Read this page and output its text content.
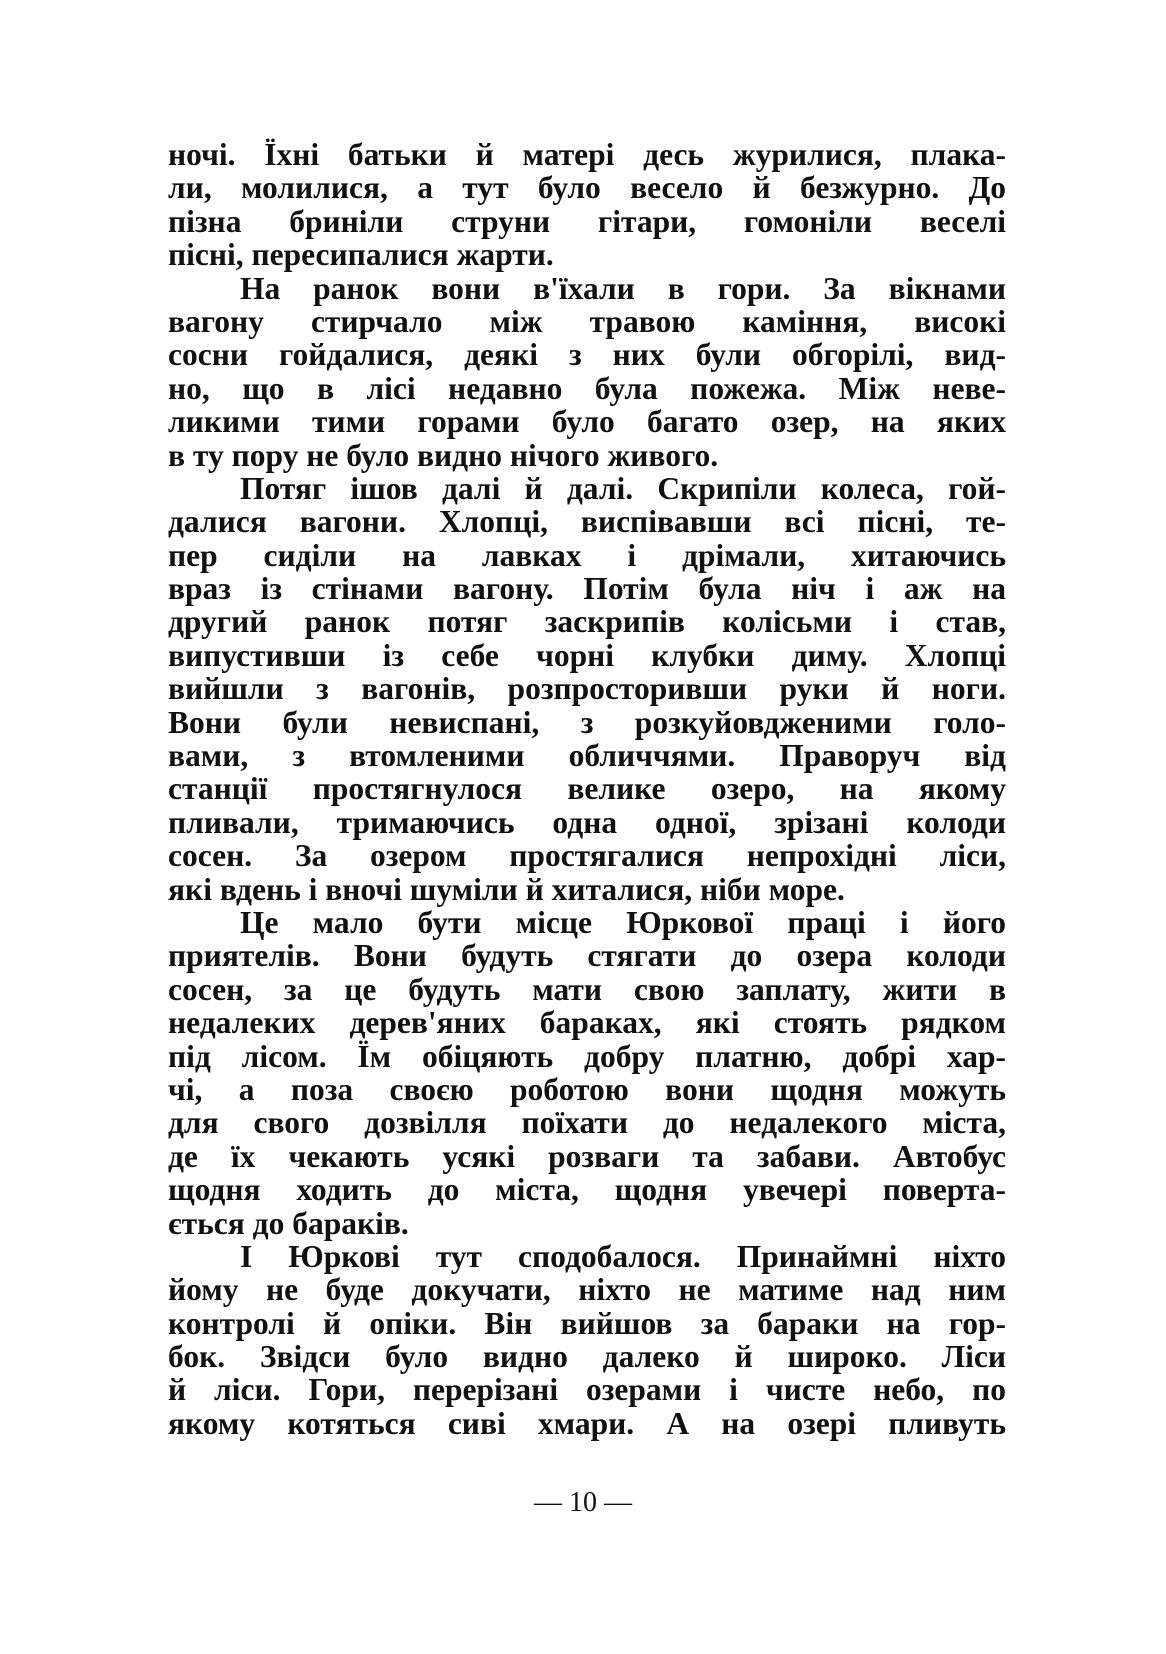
ночі. Їхні батьки й матері десь журилися, плака-
ли, молилися, а тут було весело й безжурно. До
пізна бриніли струни гітари, гомоніли веселі
пісні, пересипалися жарти.
На ранок вони в'їхали в гори. За вікнами
вагону стирчало між травою каміння, високі
сосни гойдалися, деякі з них були обгорілі, вид-
но, що в лісі недавно була пожежа. Між неве-
ликими тими горами було багато озер, на яких
в ту пору не було видно нічого живого.
Потяг ішов далі й далі. Скрипіли колеса, гой-
далися вагони. Хлопці, виспівавши всі пісні, те-
пер сиділи на лавках і дрімали, хитаючись
враз із стінами вагону. Потім була ніч і аж на
другий ранок потяг заскрипів колісьми і став,
випустивши із себе чорні клубки диму. Хлопці
вийшли з вагонів, розпросторивши руки й ноги.
Вони були невиспані, з розкуйовдженими голо-
вами, з втомленими обличчями. Праворуч від
станції простягнулося велике озеро, на якому
пливали, тримаючись одна одної, зрізані колоди
сосен. За озером простягалися непрохідні ліси,
які вдень і вночі шуміли й хиталися, ніби море.
Це мало бути місце Юркової праці і його
приятелів. Вони будуть стягати до озера колоди
сосен, за це будуть мати свою заплату, жити в
недалеких дерев'яних бараках, які стоять рядком
під лісом. Їм обіцяють добру платню, добрі хар-
чі, а поза своєю роботою вони щодня можуть
для свого дозвілля поїхати до недалекого міста,
де їх чекають усякі розваги та забави. Автобус
щодня ходить до міста, щодня увечері поверта-
ється до бараків.
І Юркові тут сподобалося. Принаймні ніхто
йому не буде докучати, ніхто не матиме над ним
контролі й опіки. Він вийшов за бараки на гор-
бок. Звідси було видно далеко й широко. Ліси
й ліси. Гори, перерізані озерами і чисте небо, по
якому котяться сиві хмари. А на озері пливуть
— 10 —
